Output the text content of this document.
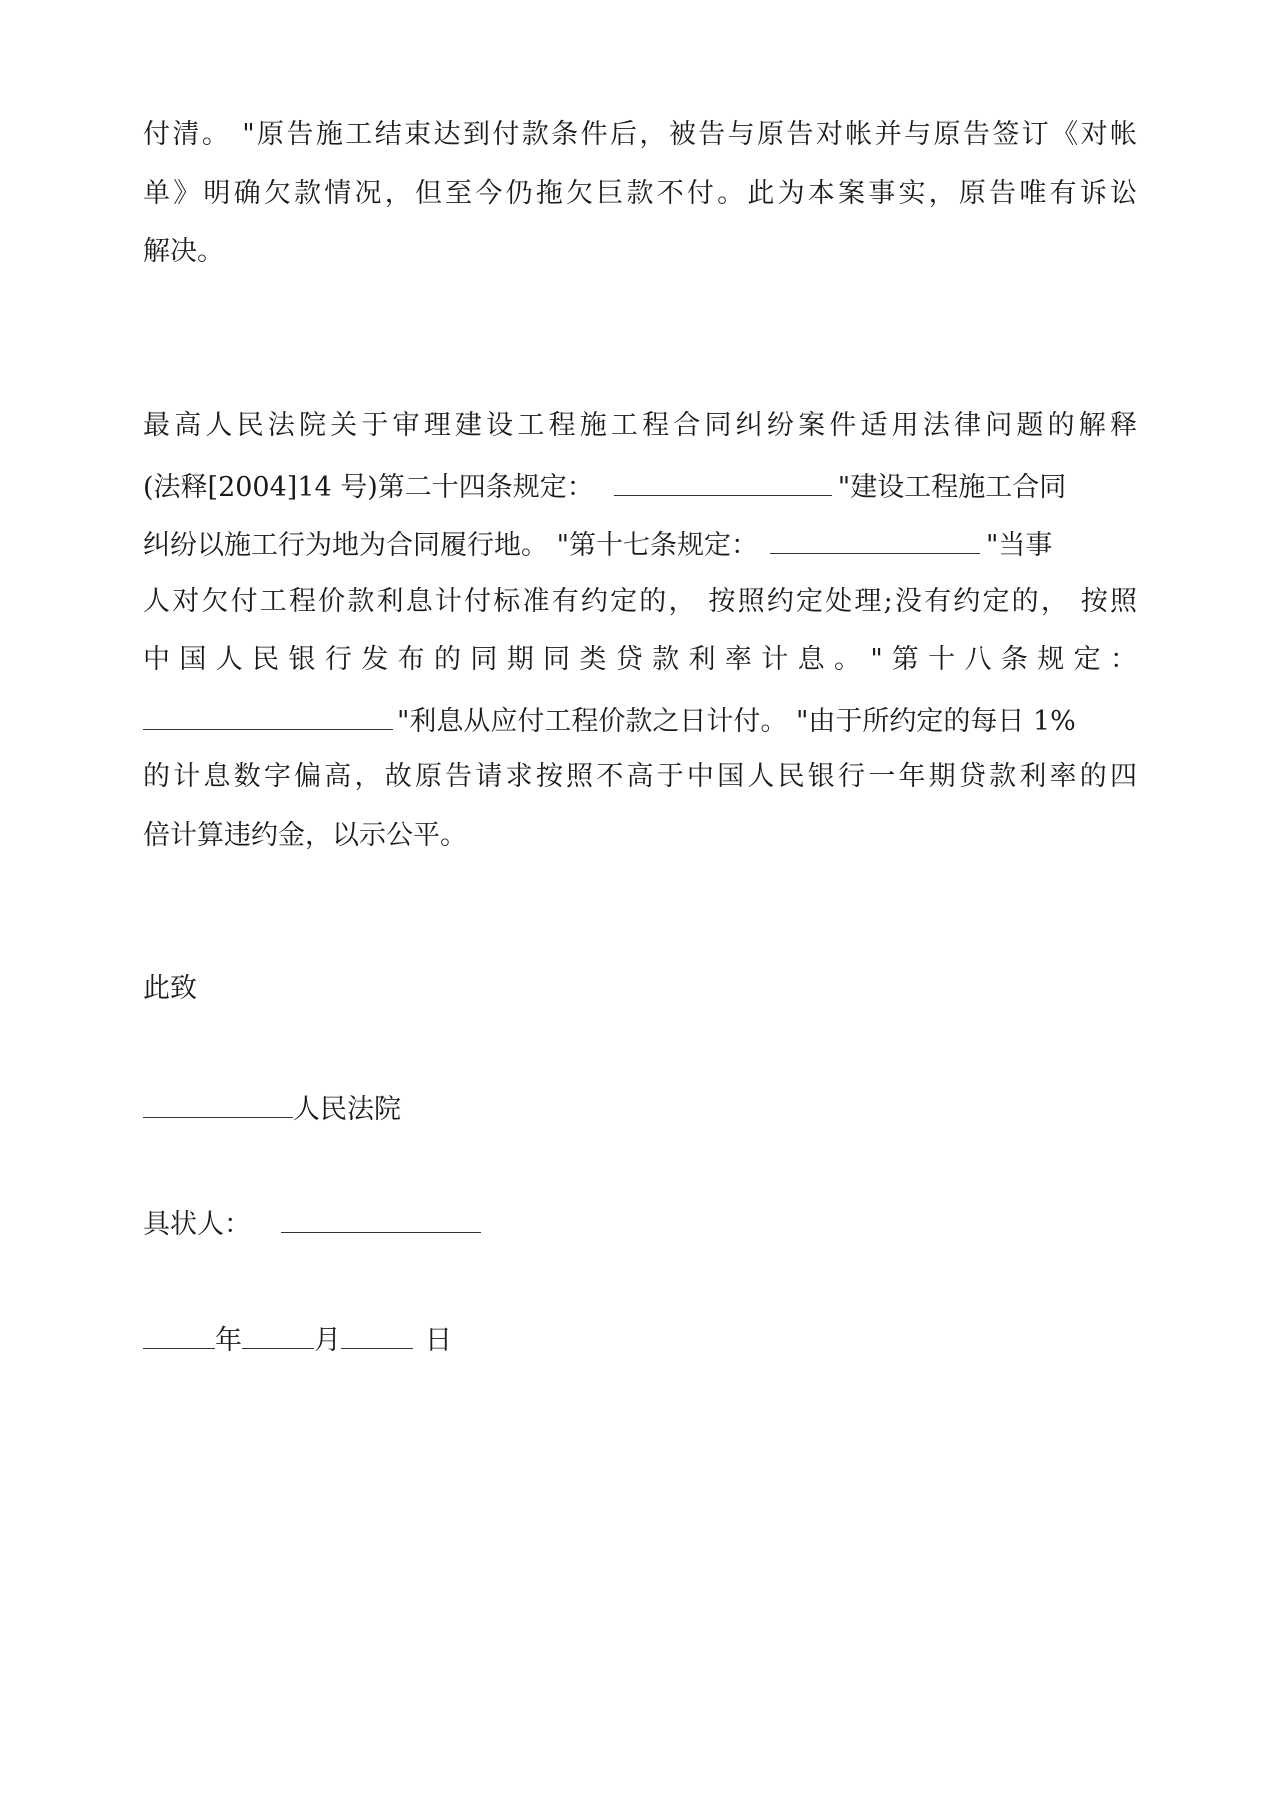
付清。 "原告施工结束达到付款条件后，被告与原告对帐并与原告签订《对帐
单》明确欠款情况，但至今仍拖欠巨款不付。此为本案事实，原告唯有诉讼
解决。
最高人民法院关于审理建设工程施工程合同纠纷案件适用法律问题的解释
(法释[2004]14 号)第二十四条规定：	"建设工程施工合同
纠纷以施工行为地为合同履行地。 "第十七条规定：	"当事
人对欠付工程价款利息计付标准有约定的， 按照约定处理;没有约定的， 按照
中 国 人 民 银 行 发 布 的 同 期 同 类 贷 款 利 率 计 息 。 " 第 十 八 条 规 定 ：
"利息从应付工程价款之日计付。 "由于所约定的每日 1%
的计息数字偏高，故原告请求按照不高于中国人民银行一年期贷款利率的四
倍计算违约金，以示公平。
此致
人民法院
具状人：
年	月	日
